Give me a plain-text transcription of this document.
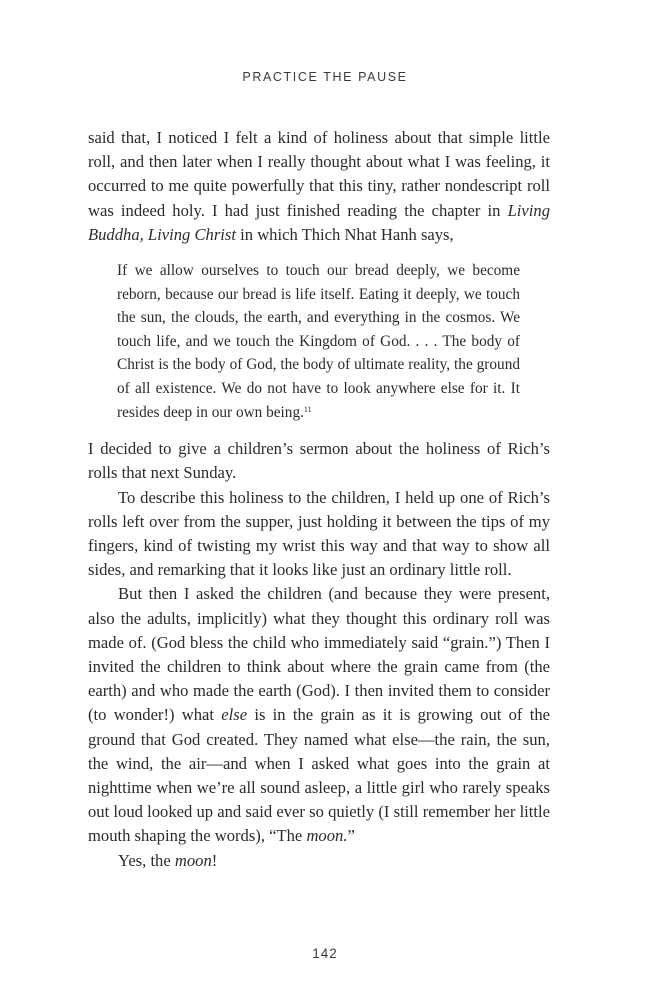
PRACTICE THE PAUSE

said that, I noticed I felt a kind of holiness about that simple little roll, and then later when I really thought about what I was feeling, it occurred to me quite powerfully that this tiny, rather nondescript roll was indeed holy. I had just finished reading the chapter in Living Buddha, Living Christ in which Thich Nhat Hanh says,

If we allow ourselves to touch our bread deeply, we become reborn, because our bread is life itself. Eating it deeply, we touch the sun, the clouds, the earth, and everything in the cosmos. We touch life, and we touch the Kingdom of God. . . . The body of Christ is the body of God, the body of ultimate reality, the ground of all existence. We do not have to look anywhere else for it. It resides deep in our own being.$^{11}$

I decided to give a children’s sermon about the holiness of Rich’s rolls that next Sunday.

To describe this holiness to the children, I held up one of Rich’s rolls left over from the supper, just holding it between the tips of my fingers, kind of twisting my wrist this way and that way to show all sides, and remarking that it looks like just an ordinary little roll.

But then I asked the children (and because they were present, also the adults, implicitly) what they thought this ordinary roll was made of. (God bless the child who immediately said “grain.”) Then I invited the children to think about where the grain came from (the earth) and who made the earth (God). I then invited them to consider (to wonder!) what else is in the grain as it is growing out of the ground that God created. They named what else—the rain, the sun, the wind, the air—and when I asked what goes into the grain at nighttime when we’re all sound asleep, a little girl who rarely speaks out loud looked up and said ever so quietly (I still remember her little mouth shaping the words), “The moon.”

Yes, the moon!

142
